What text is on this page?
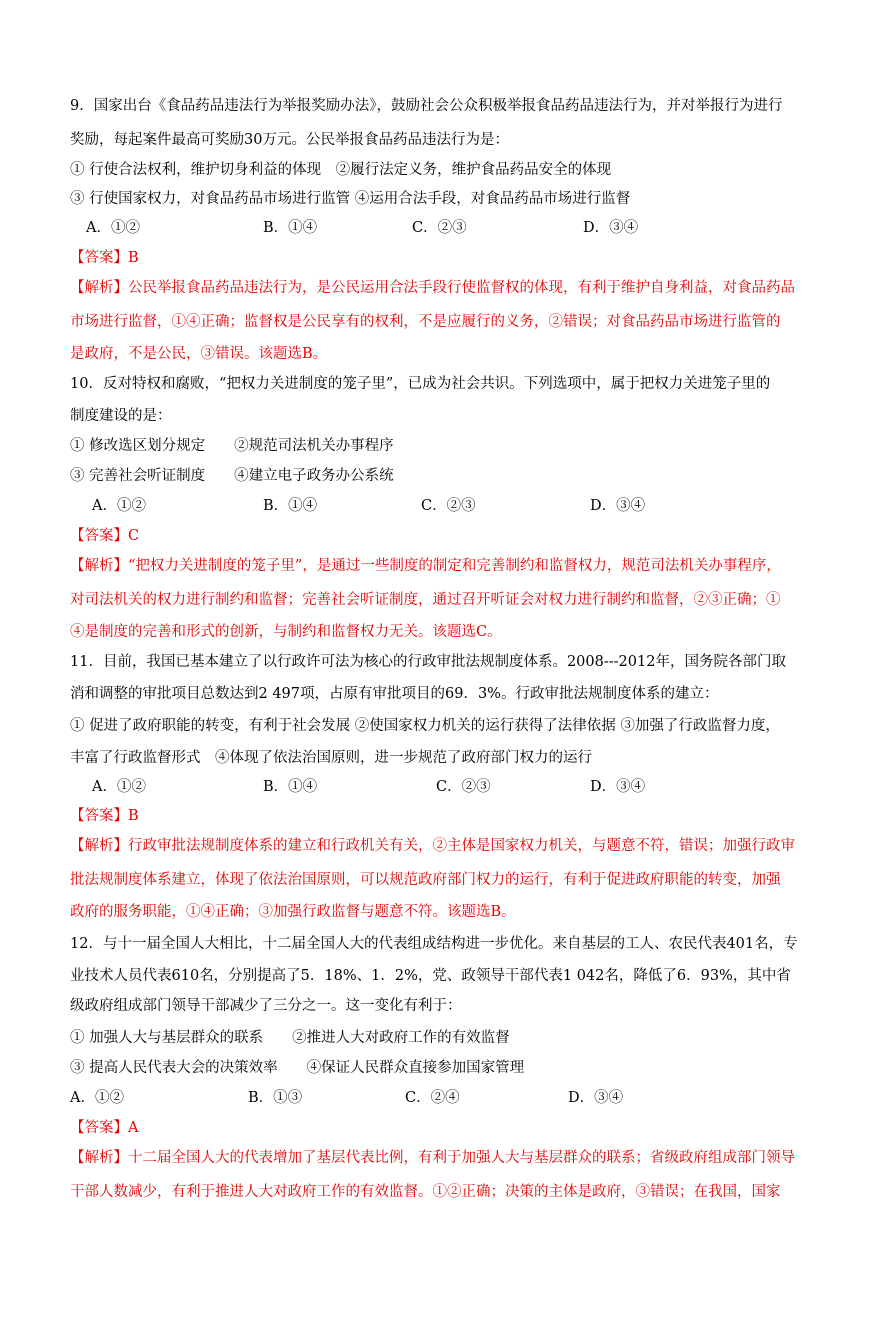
9．国家出台《食品药品违法行为举报奖励办法》，鼓励社会公众积极举报食品药品违法行为，并对举报行为进行
奖励，每起案件最高可奖励30万元。公民举报食品药品违法行为是：
① 行使合法权利，维护切身利益的体现　②履行法定义务，维护食品药品安全的体现
③ 行使国家权力，对食品药品市场进行监管 ④运用合法手段，对食品药品市场进行监督
A．①②	B．①④	C．②③	D．③④
【答案】B
【解析】公民举报食品药品违法行为，是公民运用合法手段行使监督权的体现，有利于维护自身利益，对食品药品
市场进行监督，①④正确；监督权是公民享有的权利，不是应履行的义务，②错误；对食品药品市场进行监管的
是政府，不是公民，③错误。该题选B。
10．反对特权和腐败，“把权力关进制度的笼子里”，已成为社会共识。下列选项中，属于把权力关进笼子里的
制度建设的是：
① 修改选区划分规定　　②规范司法机关办事程序
③ 完善社会听证制度　　④建立电子政务办公系统
A．①②	B．①④	C．②③	D．③④
【答案】C
【解析】“把权力关进制度的笼子里”，是通过一些制度的制定和完善制约和监督权力，规范司法机关办事程序，
对司法机关的权力进行制约和监督；完善社会听证制度，通过召开听证会对权力进行制约和监督，②③正确；①
④是制度的完善和形式的创新，与制约和监督权力无关。该题选C。
11．目前，我国已基本建立了以行政许可法为核心的行政审批法规制度体系。2008---2012年，国务院各部门取
消和调整的审批项目总数达到2 497项，占原有审批项目的69．3%。行政审批法规制度体系的建立：
① 促进了政府职能的转变，有利于社会发展 ②使国家权力机关的运行获得了法律依据 ③加强了行政监督力度，
丰富了行政监督形式　④体现了依法治国原则，进一步规范了政府部门权力的运行
A．①②	B．①④	C．②③	D．③④
【答案】B
【解析】行政审批法规制度体系的建立和行政机关有关，②主体是国家权力机关，与题意不符，错误；加强行政审
批法规制度体系建立，体现了依法治国原则，可以规范政府部门权力的运行，有利于促进政府职能的转变，加强
政府的服务职能，①④正确；③加强行政监督与题意不符。该题选B。
12．与十一届全国人大相比，十二届全国人大的代表组成结构进一步优化。来自基层的工人、农民代表401名，专
业技术人员代表610名，分别提高了5．18%、1．2%，党、政领导干部代表1 042名，降低了6．93%，其中省
级政府组成部门领导干部减少了三分之一。这一变化有利于：
① 加强人大与基层群众的联系　　②推进人大对政府工作的有效监督
③ 提高人民代表大会的决策效率　　④保证人民群众直接参加国家管理
A．①②	B．①③	C．②④	D．③④
【答案】A
【解析】十二届全国人大的代表增加了基层代表比例，有利于加强人大与基层群众的联系；省级政府组成部门领导
干部人数减少，有利于推进人大对政府工作的有效监督。①②正确；决策的主体是政府，③错误；在我国，国家
